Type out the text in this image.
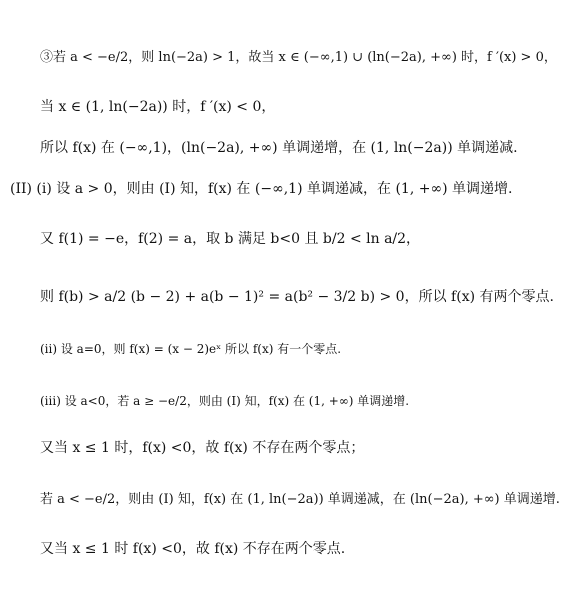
③若 a < −e/2，则 ln(−2a) > 1，故当 x ∈ (−∞,1) ∪ (ln(−2a), +∞) 时，f ′(x) > 0，
当 x ∈ (1, ln(−2a)) 时，f ′(x) < 0，
所以 f(x) 在 (−∞,1)，(ln(−2a), +∞) 单调递增，在 (1, ln(−2a)) 单调递减.
(II) (i) 设 a > 0，则由 (I) 知，f(x) 在 (−∞,1) 单调递减，在 (1, +∞) 单调递增.
又 f(1) = −e，f(2) = a，取 b 满足 b<0 且 b/2 < ln a/2，
则 f(b) > a/2 (b − 2) + a(b − 1)² = a(b² − 3/2 b) > 0，所以 f(x) 有两个零点.
(ii) 设 a=0，则 f(x) = (x − 2)eˣ 所以 f(x) 有一个零点.
(iii) 设 a<0，若 a ≥ −e/2，则由 (I) 知，f(x) 在 (1, +∞) 单调递增.
又当 x ≤ 1 时，f(x) <0，故 f(x) 不存在两个零点；
若 a < −e/2，则由 (I) 知，f(x) 在 (1, ln(−2a)) 单调递减，在 (ln(−2a), +∞) 单调递增.
又当 x ≤ 1 时 f(x) <0，故 f(x) 不存在两个零点.
